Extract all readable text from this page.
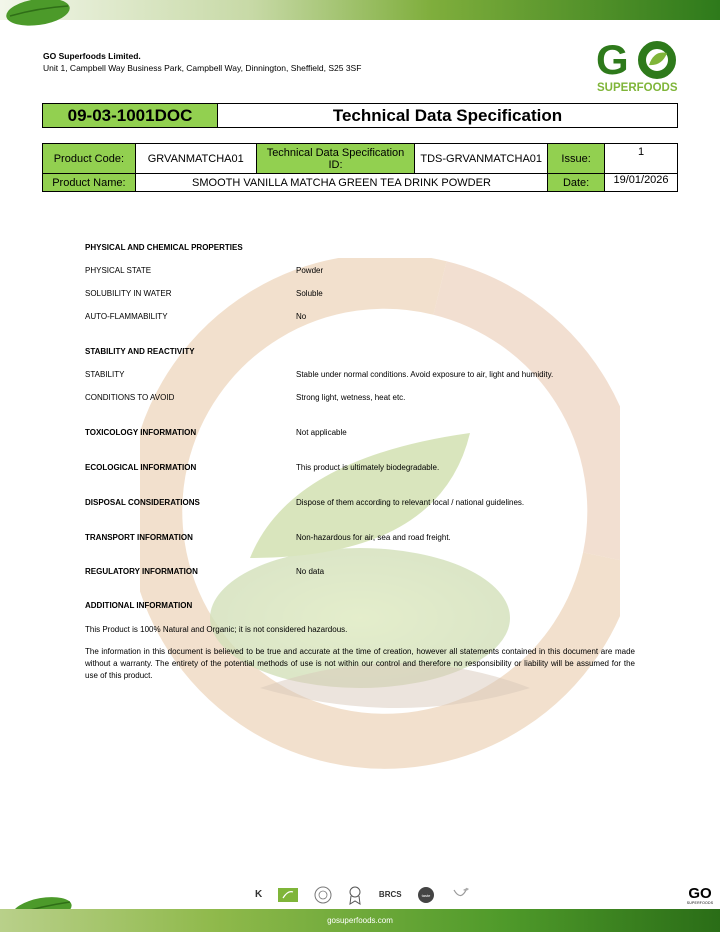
GO Superfoods Limited.
Unit 1, Campbell Way Business Park, Campbell Way, Dinnington, Sheffield, S25 3SF	G
SUPERFOODS
09-03-1001DOC	Technical Data Specification
Product Code:	GRVANMATCHA01	Technical Data Specification ID:	TDS-GRVANMATCHA01	Issue:	1
Product Name:	SMOOTH VANILLA MATCHA GREEN TEA DRINK POWDER			Date:	19/01/2026
PHYSICAL AND CHEMICAL PROPERTIES
PHYSICAL STATE	Powder
SOLUBILITY IN WATER	Soluble
AUTO-FLAMMABILITY	No
STABILITY AND REACTIVITY
STABILITY	Stable under normal conditions. Avoid exposure to air, light and humidity.
CONDITIONS TO AVOID	Strong light, wetness, heat etc.
TOXICOLOGY INFORMATION	Not applicable
ECOLOGICAL INFORMATION	This product is ultimately biodegradable.
DISPOSAL CONSIDERATIONS	Dispose of them according to relevant local / national guidelines.
TRANSPORT INFORMATION	Non-hazardous for air, sea and road freight.
REGULATORY INFORMATION	No data
ADDITIONAL INFORMATION
This Product is 100% Natural and Organic; it is not considered hazardous.
The information in this document is believed to be true and accurate at the time of creation, however all statements contained in this document are made without a warranty. The entirety of the potential methods of use is not within our control and therefore no responsibility or liability will be assumed for the use of this product.
K	BRCS	taste	GO
SUPERFOODS
gosuperfoods.com
